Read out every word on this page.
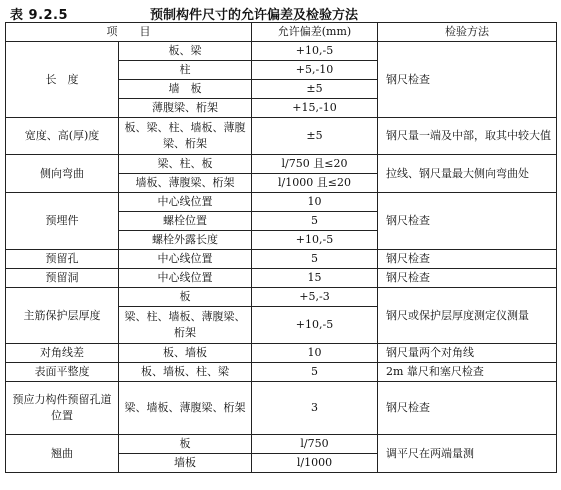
表 9.2.5	预制构件尺寸的允许偏差及检验方法
项　　目		允许偏差(mm)	检验方法
长　度	板、梁	+10,-5	钢尺检查
	柱	+5,-10	
	墙　板	±5	
	薄腹梁、桁架	+15,-10	
宽度、高(厚)度	板、梁、柱、墙板、薄腹梁、桁架	±5	钢尺量一端及中部，取其中较大值
侧向弯曲	梁、柱、板	l/750 且≤20	拉线、钢尺量最大侧向弯曲处
	墙板、薄腹梁、桁架	l/1000 且≤20	
预埋件	中心线位置	10	钢尺检查
	螺栓位置	5	
	螺栓外露长度	+10,-5	
预留孔	中心线位置	5	钢尺检查
预留洞	中心线位置	15	钢尺检查
主筋保护层厚度	板	+5,-3	钢尺或保护层厚度测定仪测量
	梁、柱、墙板、薄腹梁、桁架	+10,-5	
对角线差	板、墙板	10	钢尺量两个对角线
表面平整度	板、墙板、柱、梁	5	2m 靠尺和塞尺检查
预应力构件预留孔道位置	梁、墙板、薄腹梁、桁架	3	钢尺检查
翘曲	板	l/750	调平尺在两端量测
	墙板	l/1000	
